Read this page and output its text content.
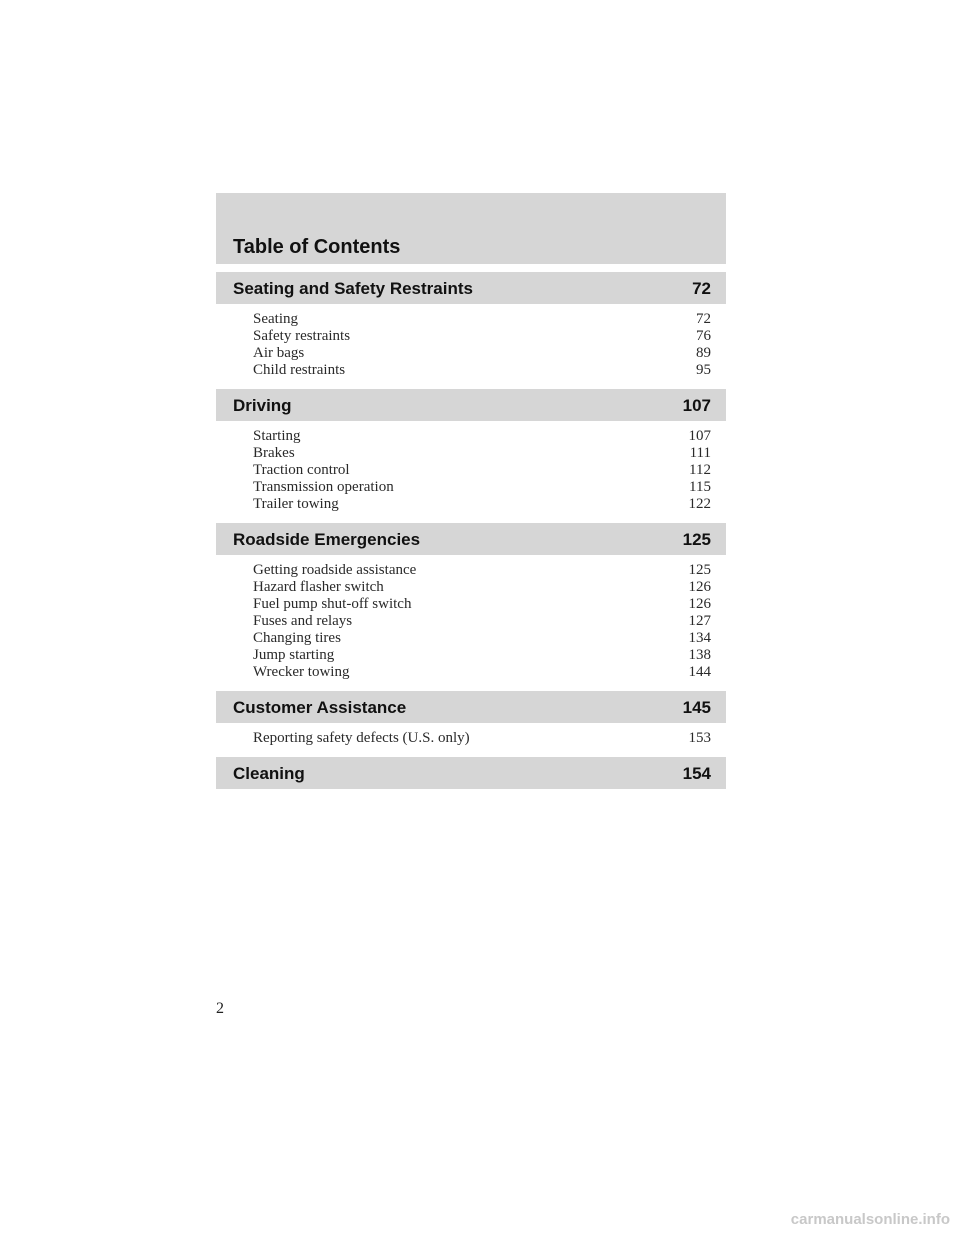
Table of Contents
Seating and Safety Restraints	72
Seating	72
Safety restraints	76
Air bags	89
Child restraints	95
Driving	107
Starting	107
Brakes	111
Traction control	112
Transmission operation	115
Trailer towing	122
Roadside Emergencies	125
Getting roadside assistance	125
Hazard flasher switch	126
Fuel pump shut-off switch	126
Fuses and relays	127
Changing tires	134
Jump starting	138
Wrecker towing	144
Customer Assistance	145
Reporting safety defects (U.S. only)	153
Cleaning	154
2
carmanualsonline.info
